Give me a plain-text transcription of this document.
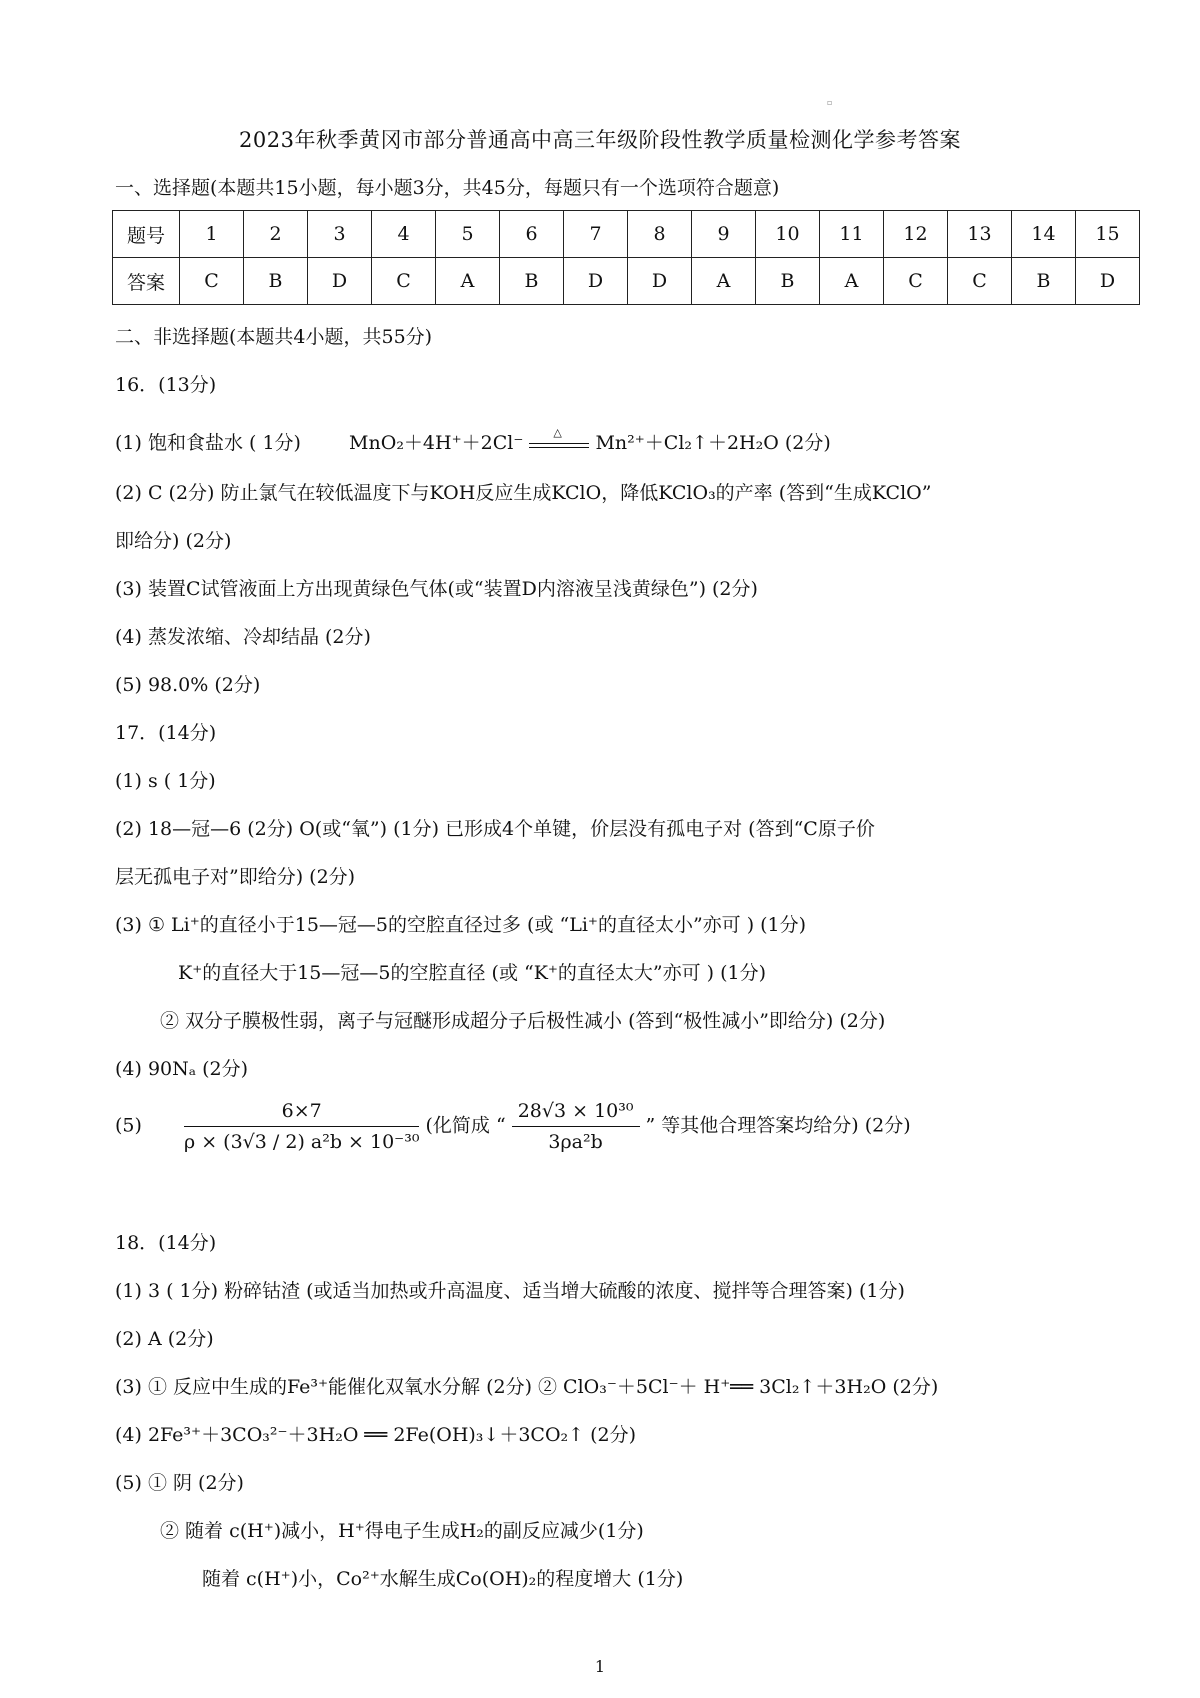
▫
2023年秋季黄冈市部分普通高中高三年级阶段性教学质量检测化学参考答案
一、选择题(本题共15小题，每小题3分，共45分，每题只有一个选项符合题意)
题号	1	2	3	4	5	6	7	8	9	10	11	12	13	14	15
答案	C	B	D	C	A	B	D	D	A	B	A	C	C	B	D
二、非选择题(本题共4小题，共55分)
16．(13分)
(1) 饱和食盐水 ( 1分)	MnO₂＋4H⁺＋2Cl⁻	△ Mn²⁺＋Cl₂↑＋2H₂O (2分)
(2) C (2分) 防止氯气在较低温度下与KOH反应生成KClO，降低KClO₃的产率 (答到“生成KClO”
即给分) (2分)
(3) 装置C试管液面上方出现黄绿色气体(或“装置D内溶液呈浅黄绿色”) (2分)
(4) 蒸发浓缩、冷却结晶 (2分)
(5) 98.0% (2分)
17．(14分)
(1) s ( 1分)
(2) 18—冠—6 (2分) O(或“氧”) (1分) 已形成4个单键，价层没有孤电子对 (答到“C原子价
层无孤电子对”即给分) (2分)
(3) ① Li⁺的直径小于15—冠—5的空腔直径过多 (或 “Li⁺的直径太小”亦可 ) (1分)
K⁺的直径大于15—冠—5的空腔直径 (或 “K⁺的直径太大”亦可 ) (1分)
② 双分子膜极性弱，离子与冠醚形成超分子后极性减小 (答到“极性减小”即给分) (2分)
(4) 90Nₐ (2分)
$(5) \frac{6\times 7}{\text{ρ × (3√3 / 2) a²b × 10⁻³⁰}}$ (化简成 “ $\frac{\text{28√3 × 10³⁰}}{\text{3ρa²b}}$ ” 等其他合理答案均给分) (2分)
18．(14分)
(1) 3 ( 1分) 粉碎钴渣 (或适当加热或升高温度、适当增大硫酸的浓度、搅拌等合理答案) (1分)
(2) A (2分)
(3) ① 反应中生成的Fe³⁺能催化双氧水分解 (2分) ② ClO₃⁻＋5Cl⁻＋ H⁺══ 3Cl₂↑＋3H₂O (2分)
(4) 2Fe³⁺＋3CO₃²⁻＋3H₂O ══ 2Fe(OH)₃↓＋3CO₂↑ (2分)
(5) ① 阴 (2分)
② 随着 c(H⁺)减小，H⁺得电子生成H₂的副反应减少(1分)
随着 c(H⁺)小，Co²⁺水解生成Co(OH)₂的程度增大 (1分)
1
